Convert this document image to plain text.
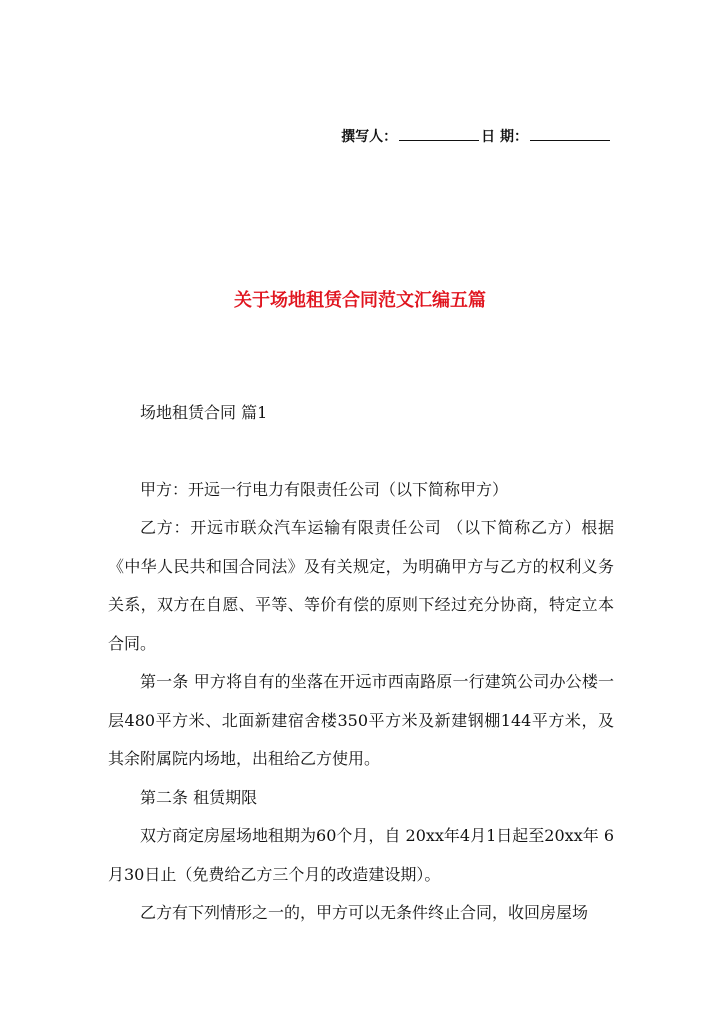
撰写人：	日 期：
关于场地租赁合同范文汇编五篇

场地租赁合同 篇1

甲方：开远一行电力有限责任公司（以下简称甲方）

乙方：开远市联众汽车运输有限责任公司 （以下简称乙方）根据《中华人民共和国合同法》及有关规定，为明确甲方与乙方的权利义务关系，双方在自愿、平等、等价有偿的原则下经过充分协商，特定立本合同。

第一条 甲方将自有的坐落在开远市西南路原一行建筑公司办公楼一层480平方米、北面新建宿舍楼350平方米及新建钢棚144平方米，及其余附属院内场地，出租给乙方使用。

第二条 租赁期限

双方商定房屋场地租期为60个月，自 20xx年4月1日起至20xx年 6月30日止（免费给乙方三个月的改造建设期）。

乙方有下列情形之一的，甲方可以无条件终止合同，收回房屋场
